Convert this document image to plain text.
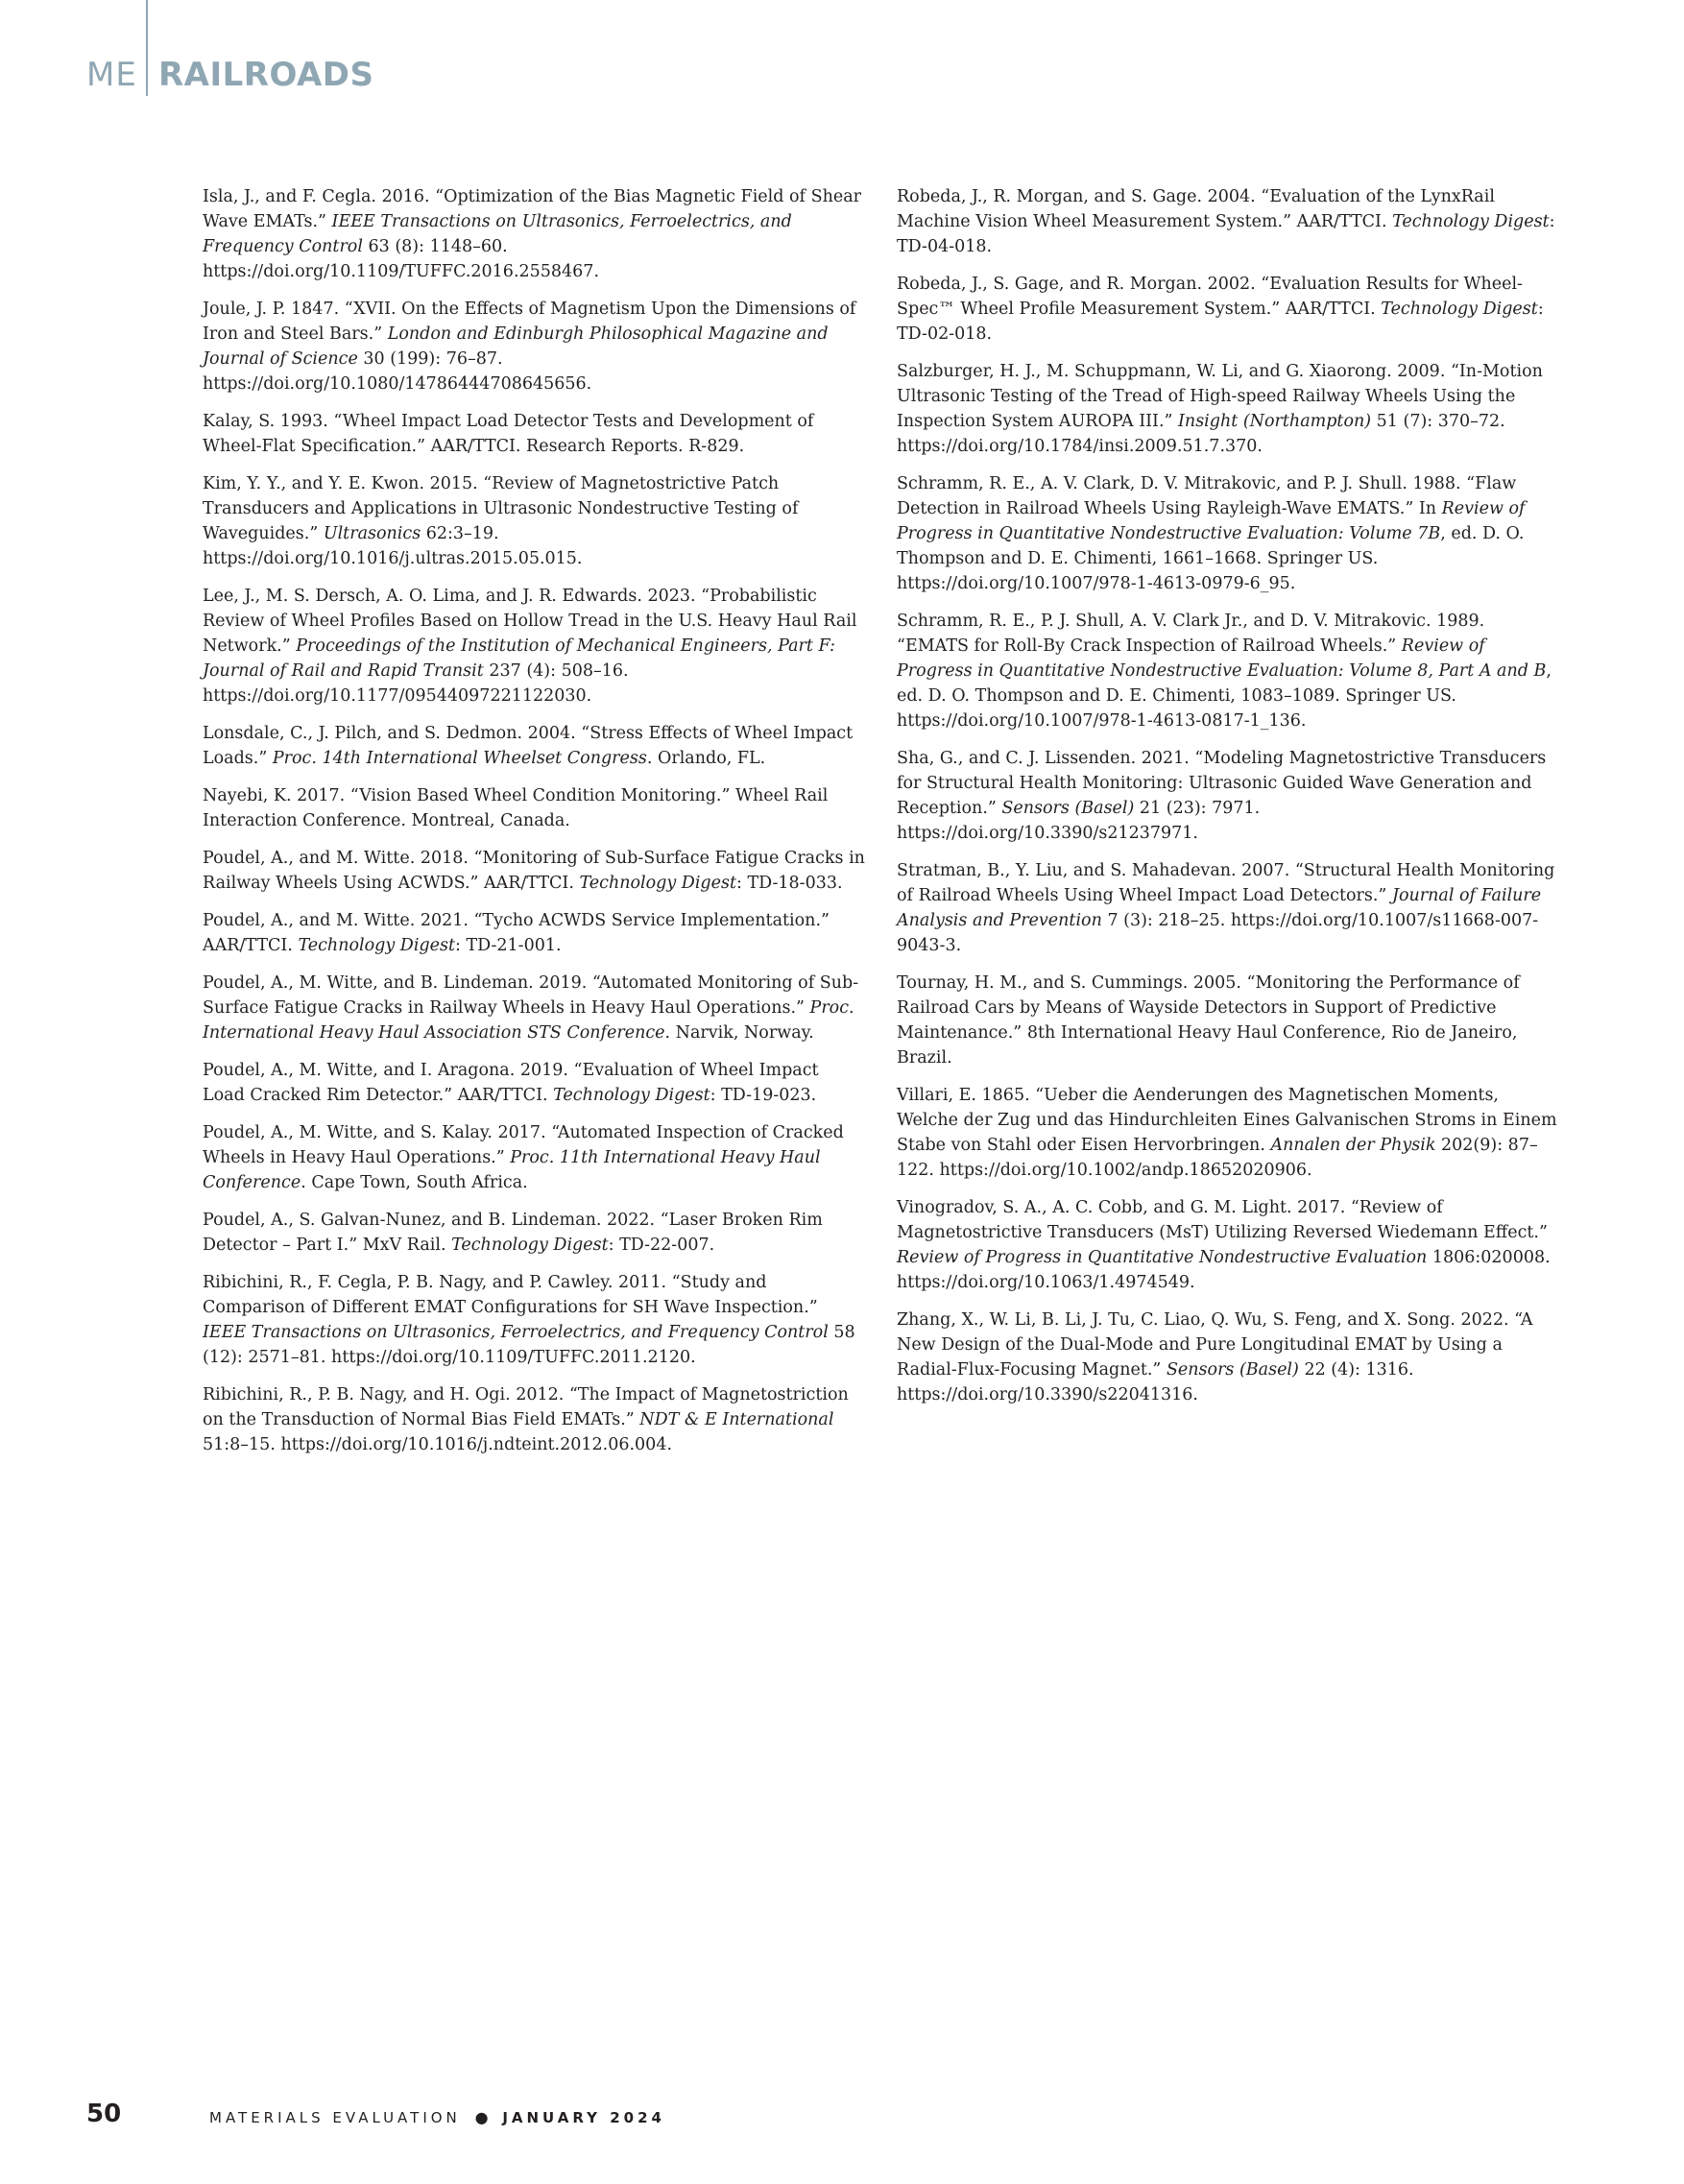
ME RAILROADS

Isla, J., and F. Cegla. 2016. “Optimization of the Bias Magnetic Field of Shear Wave EMATs.” IEEE Transactions on Ultrasonics, Ferroelectrics, and Frequency Control 63 (8): 1148–60. https://doi.org/10.1109/TUFFC.2016.2558467.

Joule, J. P. 1847. “XVII. On the Effects of Magnetism Upon the Dimensions of Iron and Steel Bars.” London and Edinburgh Philosophical Magazine and Journal of Science 30 (199): 76–87. https://doi.org/10.1080/14786444708645656.

Kalay, S. 1993. “Wheel Impact Load Detector Tests and Development of Wheel-Flat Specification.” AAR/TTCI. Research Reports. R-829.

Kim, Y. Y., and Y. E. Kwon. 2015. “Review of Magnetostrictive Patch Transducers and Applications in Ultrasonic Nondestructive Testing of Waveguides.” Ultrasonics 62:3–19. https://doi.org/10.1016/j.ultras.2015.05.015.

Lee, J., M. S. Dersch, A. O. Lima, and J. R. Edwards. 2023. “Probabilistic Review of Wheel Profiles Based on Hollow Tread in the U.S. Heavy Haul Rail Network.” Proceedings of the Institution of Mechanical Engineers, Part F: Journal of Rail and Rapid Transit 237 (4): 508–16. https://doi.org/10.1177/09544097221122030.

Lonsdale, C., J. Pilch, and S. Dedmon. 2004. “Stress Effects of Wheel Impact Loads.” Proc. 14th International Wheelset Congress. Orlando, FL.

Nayebi, K. 2017. “Vision Based Wheel Condition Monitoring.” Wheel Rail Interaction Conference. Montreal, Canada.

Poudel, A., and M. Witte. 2018. “Monitoring of Sub-Surface Fatigue Cracks in Railway Wheels Using ACWDS.” AAR/TTCI. Technology Digest: TD-18-033.

Poudel, A., and M. Witte. 2021. “Tycho ACWDS Service Implementation.” AAR/TTCI. Technology Digest: TD-21-001.

Poudel, A., M. Witte, and B. Lindeman. 2019. “Automated Monitoring of Sub-Surface Fatigue Cracks in Railway Wheels in Heavy Haul Operations.” Proc. International Heavy Haul Association STS Conference. Narvik, Norway.

Poudel, A., M. Witte, and I. Aragona. 2019. “Evaluation of Wheel Impact Load Cracked Rim Detector.” AAR/TTCI. Technology Digest: TD-19-023.

Poudel, A., M. Witte, and S. Kalay. 2017. “Automated Inspection of Cracked Wheels in Heavy Haul Operations.” Proc. 11th International Heavy Haul Conference. Cape Town, South Africa.

Poudel, A., S. Galvan-Nunez, and B. Lindeman. 2022. “Laser Broken Rim Detector – Part I.” MxV Rail. Technology Digest: TD-22-007.

Ribichini, R., F. Cegla, P. B. Nagy, and P. Cawley. 2011. “Study and Comparison of Different EMAT Configurations for SH Wave Inspection.” IEEE Transactions on Ultrasonics, Ferroelectrics, and Frequency Control 58 (12): 2571–81. https://doi.org/10.1109/TUFFC.2011.2120.

Ribichini, R., P. B. Nagy, and H. Ogi. 2012. “The Impact of Magnetostriction on the Transduction of Normal Bias Field EMATs.” NDT & E International 51:8–15. https://doi.org/10.1016/j.ndteint.2012.06.004.

Robeda, J., R. Morgan, and S. Gage. 2004. “Evaluation of the LynxRail Machine Vision Wheel Measurement System.” AAR/TTCI. Technology Digest: TD-04-018.

Robeda, J., S. Gage, and R. Morgan. 2002. “Evaluation Results for Wheel-Spec™ Wheel Profile Measurement System.” AAR/TTCI. Technology Digest: TD-02-018.

Salzburger, H. J., M. Schuppmann, W. Li, and G. Xiaorong. 2009. “In-Motion Ultrasonic Testing of the Tread of High-speed Railway Wheels Using the Inspection System AUROPA III.” Insight (Northampton) 51 (7): 370–72. https://doi.org/10.1784/insi.2009.51.7.370.

Schramm, R. E., A. V. Clark, D. V. Mitrakovic, and P. J. Shull. 1988. “Flaw Detection in Railroad Wheels Using Rayleigh-Wave EMATS.” In Review of Progress in Quantitative Nondestructive Evaluation: Volume 7B, ed. D. O. Thompson and D. E. Chimenti, 1661–1668. Springer US. https://doi.org/10.1007/978-1-4613-0979-6_95.

Schramm, R. E., P. J. Shull, A. V. Clark Jr., and D. V. Mitrakovic. 1989. “EMATS for Roll-By Crack Inspection of Railroad Wheels.” Review of Progress in Quantitative Nondestructive Evaluation: Volume 8, Part A and B, ed. D. O. Thompson and D. E. Chimenti, 1083–1089. Springer US. https://doi.org/10.1007/978-1-4613-0817-1_136.

Sha, G., and C. J. Lissenden. 2021. “Modeling Magnetostrictive Transducers for Structural Health Monitoring: Ultrasonic Guided Wave Generation and Reception.” Sensors (Basel) 21 (23): 7971. https://doi.org/10.3390/s21237971.

Stratman, B., Y. Liu, and S. Mahadevan. 2007. “Structural Health Monitoring of Railroad Wheels Using Wheel Impact Load Detectors.” Journal of Failure Analysis and Prevention 7 (3): 218–25. https://doi.org/10.1007/s11668-007-9043-3.

Tournay, H. M., and S. Cummings. 2005. “Monitoring the Performance of Railroad Cars by Means of Wayside Detectors in Support of Predictive Maintenance.” 8th International Heavy Haul Conference, Rio de Janeiro, Brazil.

Villari, E. 1865. “Ueber die Aenderungen des Magnetischen Moments, Welche der Zug und das Hindurchleiten Eines Galvanischen Stroms in Einem Stabe von Stahl oder Eisen Hervorbringen. Annalen der Physik 202(9): 87–122. https://doi.org/10.1002/andp.18652020906.

Vinogradov, S. A., A. C. Cobb, and G. M. Light. 2017. “Review of Magnetostrictive Transducers (MsT) Utilizing Reversed Wiedemann Effect.” Review of Progress in Quantitative Nondestructive Evaluation 1806:020008. https://doi.org/10.1063/1.4974549.

Zhang, X., W. Li, B. Li, J. Tu, C. Liao, Q. Wu, S. Feng, and X. Song. 2022. “A New Design of the Dual-Mode and Pure Longitudinal EMAT by Using a Radial-Flux-Focusing Magnet.” Sensors (Basel) 22 (4): 1316. https://doi.org/10.3390/s22041316.

50	MATERIALS EVALUATION ● JANUARY 2024
